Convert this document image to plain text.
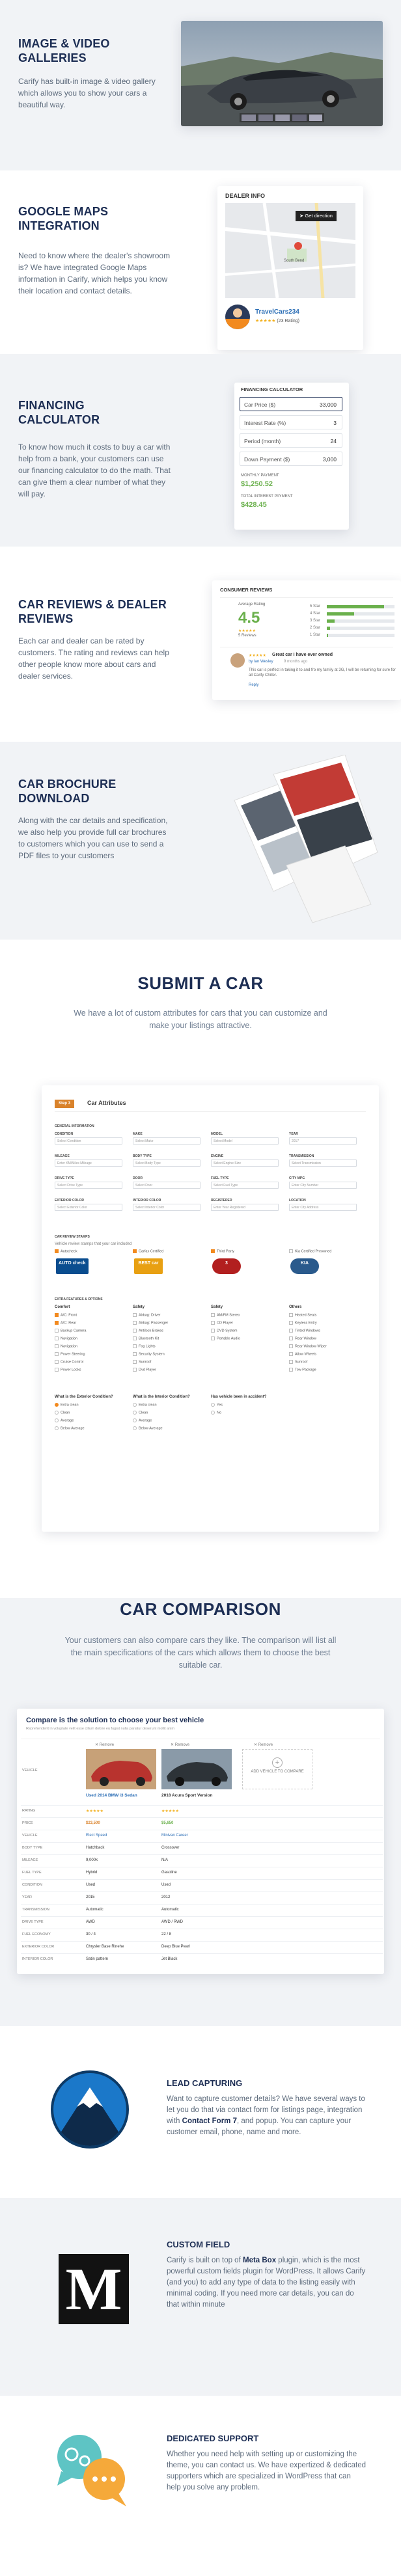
IMAGE & VIDEO
GALLERIES
Carify has built-in image & video gallery which allows you to show your cars a beautiful way.
GOOGLE MAPS
INTEGRATION
Need to know where the dealer's showroom is? We have integrated Google Maps information in Carify, which helps you know their location and contact details.
DEALER INFO
South Bend
➤ Get direction
TravelCars234
★★★★★ (23 Rating)
FINANCING
CALCULATOR
To know how much it costs to buy a car with help from a bank, your customers can use our financing calculator to do the math. That can give them a clear number of what they will pay.
FINANCING CALCULATOR
Car Price ($)	33,000
Interest Rate (%)	3
Period (month)	24
Down Payment ($)	3,000
MONTHLY PAYMENT
$1,250.52
TOTAL INTEREST PAYMENT
$428.45
CAR REVIEWS & DEALER
REVIEWS
Each car and dealer can be rated by customers. The rating and reviews can help other people know more about cars and dealer services.
CONSUMER REVIEWS
Average Rating
4.5
★★★★★
5 Reviews
5 Star
4 Star
3 Star
2 Star
1 Star
★★★★★ Great car I have ever owned
by Ian Wesley	9 months ago
This car is perfect in taking it to and fro my family at 3G, I will be returning for sure for all Carify Chiller.
Reply
CAR BROCHURE
DOWNLOAD
Along with the car details and specification, we also help you provide full car brochures to customers which you can use to send a PDF files to your customers
SUBMIT A CAR
We have a lot of custom attributes for cars that you can customize and make your listings attractive.
Step 3	Car Attributes
GENERAL INFORMATION
CONDITION
Select Condition
MAKE
Select Make
MODEL
Select Model
YEAR
2017
MILEAGE
Enter KM/Miles Mileage
BODY TYPE
Select Body Type
ENGINE
Select Engine Size
TRANSMISSION
Select Transmission
DRIVE TYPE
Select Drive Type
DOOR
Select Door
FUEL TYPE
Select Fuel Type
CITY MPG
Enter City Number
EXTERIOR COLOR
Select Exterior Color
INTERIOR COLOR
Select Interior Color
REGISTERED
Enter Year Registered
LOCATION
Enter City Address
CAR REVIEW STAMPS
Vehicle review stamps that your car included
Autocheck
AUTO check
Carfax Certified
BEST car
Third Party
3
Kia Certified Preowned
KIA
EXTRA FEATURES & OPTIONS
Comfort
A/C: Front
A/C: Rear
Backup Camera
Navigation
Navigation
Power Steering
Cruise Control
Power Locks
Safety
Airbag: Driver
Airbag: Passenger
Antilock Brakes
Bluetooth Kit
Fog Lights
Security System
Sunroof
Dvd Player
Safety
AM/FM Stereo
CD Player
DVD System
Portable Audio
Others
Heated Seats
Keyless Entry
Tinted Windows
Rear Window
Rear Window Wiper
Allow Wheels
Sunroof
Tow Package
What is the Exterior Condition?
Extra clean
Clean
Average
Below Average
What is the Interior Condition?
Extra clean
Clean
Average
Below Average
Has vehicle been in accident?
Yes
No
CAR COMPARISON
Your customers can also compare cars they like. The comparison will list all the main specifications of the cars which allows them to choose the best suitable car.
Compare is the solution to choose your best vehicle
Reprehenderit in voluptate velit esse cillum dolore eu fugiat nulla pariatur deserunt mollit anim
VEHICLE
✕ Remove
Used 2014 BMW i3 Sedan
✕ Remove
2018 Acura Sport Version
✕ Remove
+
ADD VEHICLE TO COMPARE
RATING	★★★★★	★★★★★
PRICE	$23,500	$5,650
VEHICLE	Elect Speed	Minivan Career
BODY TYPE	Hatchback	Crossover
MILEAGE	9,000k	N/A
FUEL TYPE	Hybrid	Gasoline
CONDITION	Used	Used
YEAR	2015	2012
TRANSMISSION	Automatic	Automatic
DRIVE TYPE	AWD	AWD / RWD
FUEL ECONOMY	30 / 4	22 / 8
EXTERIOR COLOR	Chrysler Base Rinehe	Deep Blue Pearl
INTERIOR COLOR	Satin pattern	Jet Black
LEAD CAPTURING
Want to capture customer details? We have several ways to let you do that via contact form for listings page, integration with Contact Form 7, and popup. You can capture your customer email, phone, name and more.
M
CUSTOM FIELD
Carify is built on top of Meta Box plugin, which is the most powerful custom fields plugin for WordPress. It allows Carify (and you) to add any type of data to the listing easily with minimal coding. If you need more car details, you can do that within minute
DEDICATED SUPPORT
Whether you need help with setting up or customizing the theme, you can contact us. We have expertized & dedicated supporters which are specialized in WordPress that can help you solve any problem.
